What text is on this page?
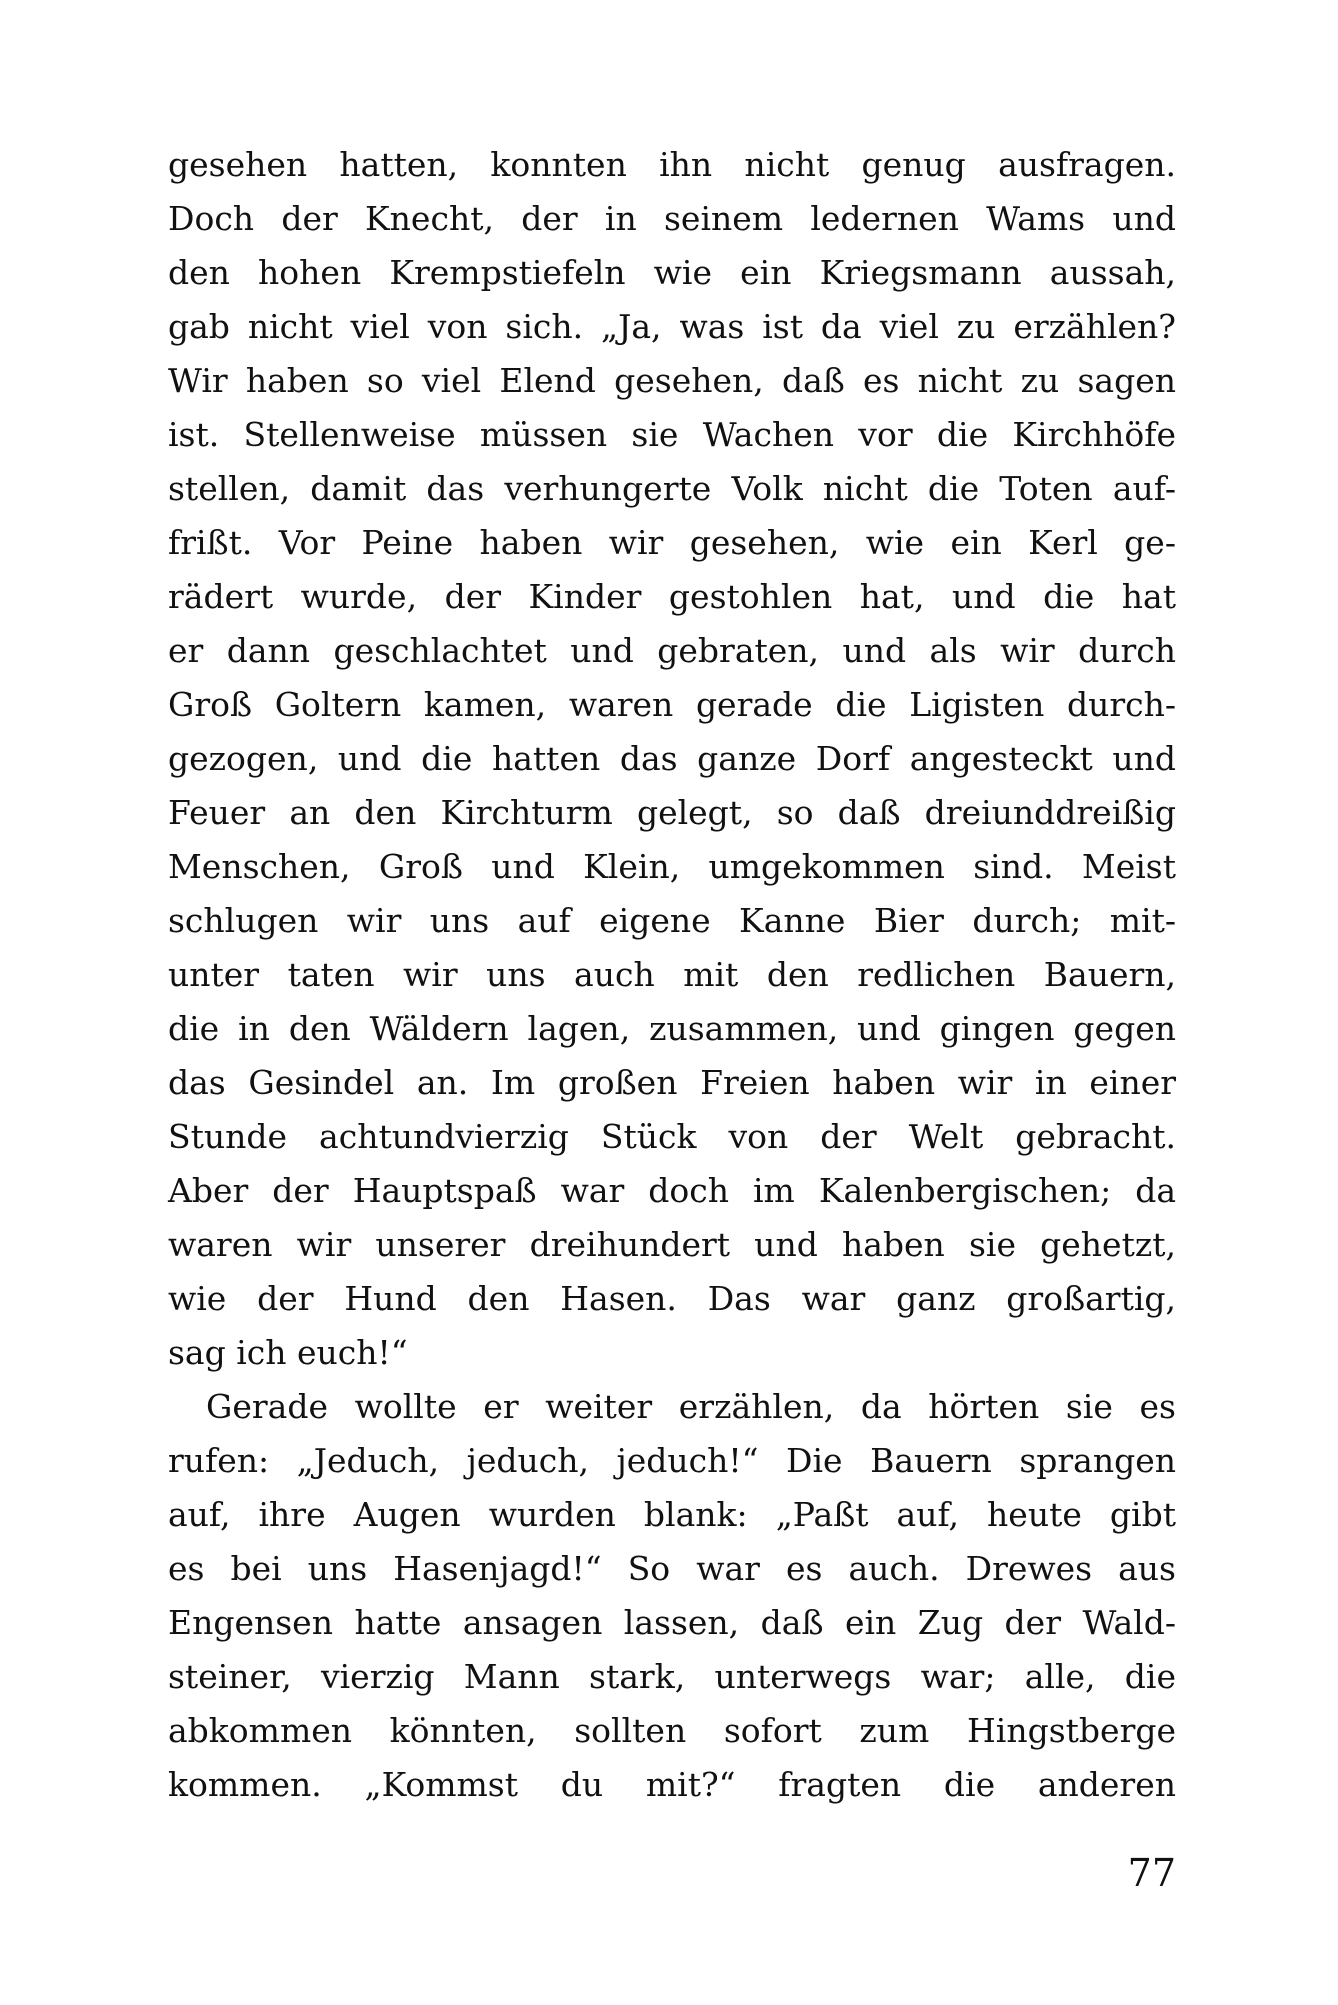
gesehen hatten, konnten ihn nicht genug ausfragen.
Doch der Knecht, der in seinem ledernen Wams und
den hohen Krempstiefeln wie ein Kriegsmann aussah,
gab nicht viel von sich. „Ja, was ist da viel zu erzählen?
Wir haben so viel Elend gesehen, daß es nicht zu sagen
ist. Stellenweise müssen sie Wachen vor die Kirchhöfe
stellen, damit das verhungerte Volk nicht die Toten auf-
frißt. Vor Peine haben wir gesehen, wie ein Kerl ge-
rädert wurde, der Kinder gestohlen hat, und die hat
er dann geschlachtet und gebraten, und als wir durch
Groß Goltern kamen, waren gerade die Ligisten durch-
gezogen, und die hatten das ganze Dorf angesteckt und
Feuer an den Kirchturm gelegt, so daß dreiunddreißig
Menschen, Groß und Klein, umgekommen sind. Meist
schlugen wir uns auf eigene Kanne Bier durch; mit-
unter taten wir uns auch mit den redlichen Bauern,
die in den Wäldern lagen, zusammen, und gingen gegen
das Gesindel an. Im großen Freien haben wir in einer
Stunde achtundvierzig Stück von der Welt gebracht.
Aber der Hauptspaß war doch im Kalenbergischen; da
waren wir unserer dreihundert und haben sie gehetzt,
wie der Hund den Hasen. Das war ganz großartig,
sag ich euch!“
Gerade wollte er weiter erzählen, da hörten sie es
rufen: „Jeduch, jeduch, jeduch!“ Die Bauern sprangen
auf, ihre Augen wurden blank: „Paßt auf, heute gibt
es bei uns Hasenjagd!“ So war es auch. Drewes aus
Engensen hatte ansagen lassen, daß ein Zug der Wald-
steiner, vierzig Mann stark, unterwegs war; alle, die
abkommen könnten, sollten sofort zum Hingstberge
kommen. „Kommst du mit?“ fragten die anderen
77
